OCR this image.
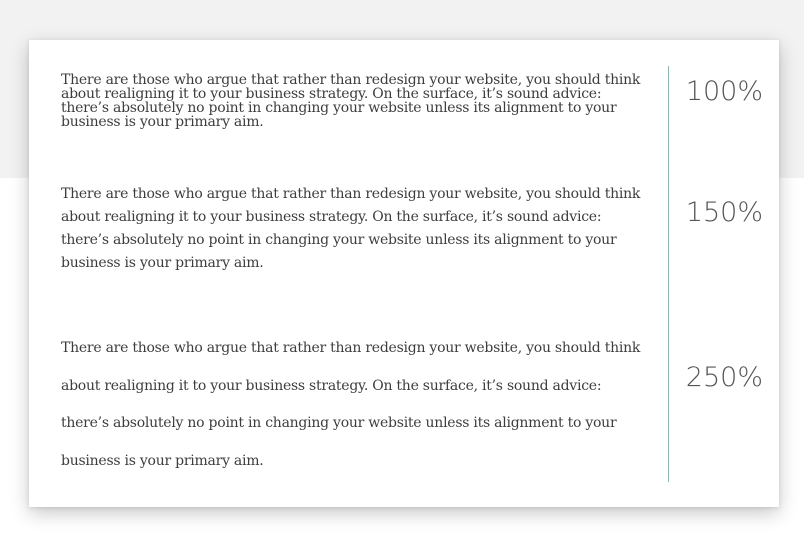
There are those who argue that rather than redesign your website, you should think about realigning it to your business strategy. On the surface, it’s sound advice: there’s absolutely no point in changing your website unless its alignment to your business is your primary aim.

There are those who argue that rather than redesign your website, you should think about realigning it to your business strategy. On the surface, it’s sound advice: there’s absolutely no point in changing your website unless its alignment to your business is your primary aim.

There are those who argue that rather than redesign your website, you should think about realigning it to your business strategy. On the surface, it’s sound advice: there’s absolutely no point in changing your website unless its alignment to your business is your primary aim.

100%
150%
250%
